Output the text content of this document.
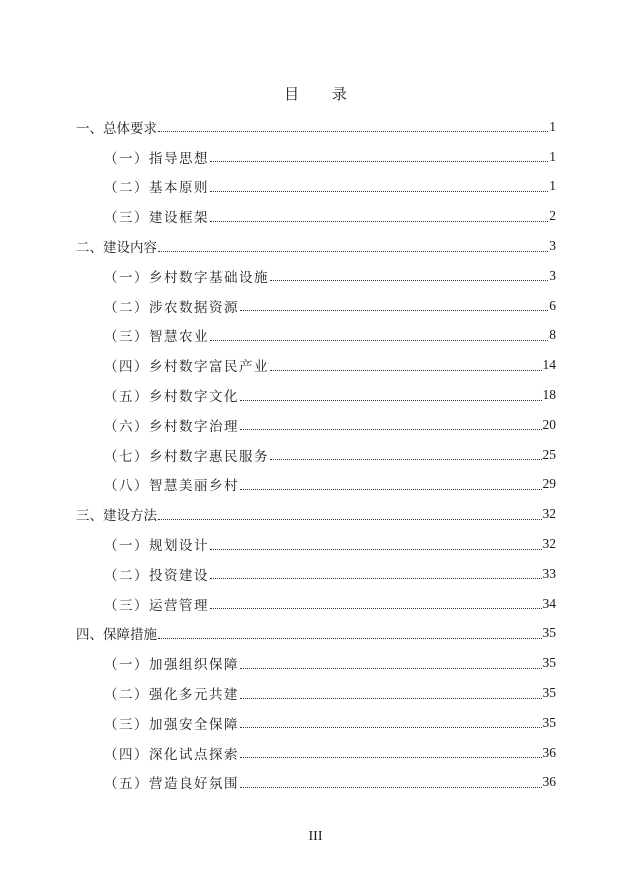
目 录
一、总体要求	1
（一）指导思想	1
（二）基本原则	1
（三）建设框架	2
二、建设内容	3
（一）乡村数字基础设施	3
（二）涉农数据资源	6
（三）智慧农业	8
（四）乡村数字富民产业	14
（五）乡村数字文化	18
（六）乡村数字治理	20
（七）乡村数字惠民服务	25
（八）智慧美丽乡村	29
三、建设方法	32
（一）规划设计	32
（二）投资建设	33
（三）运营管理	34
四、保障措施	35
（一）加强组织保障	35
（二）强化多元共建	35
（三）加强安全保障	35
（四）深化试点探索	36
（五）营造良好氛围	36
III
